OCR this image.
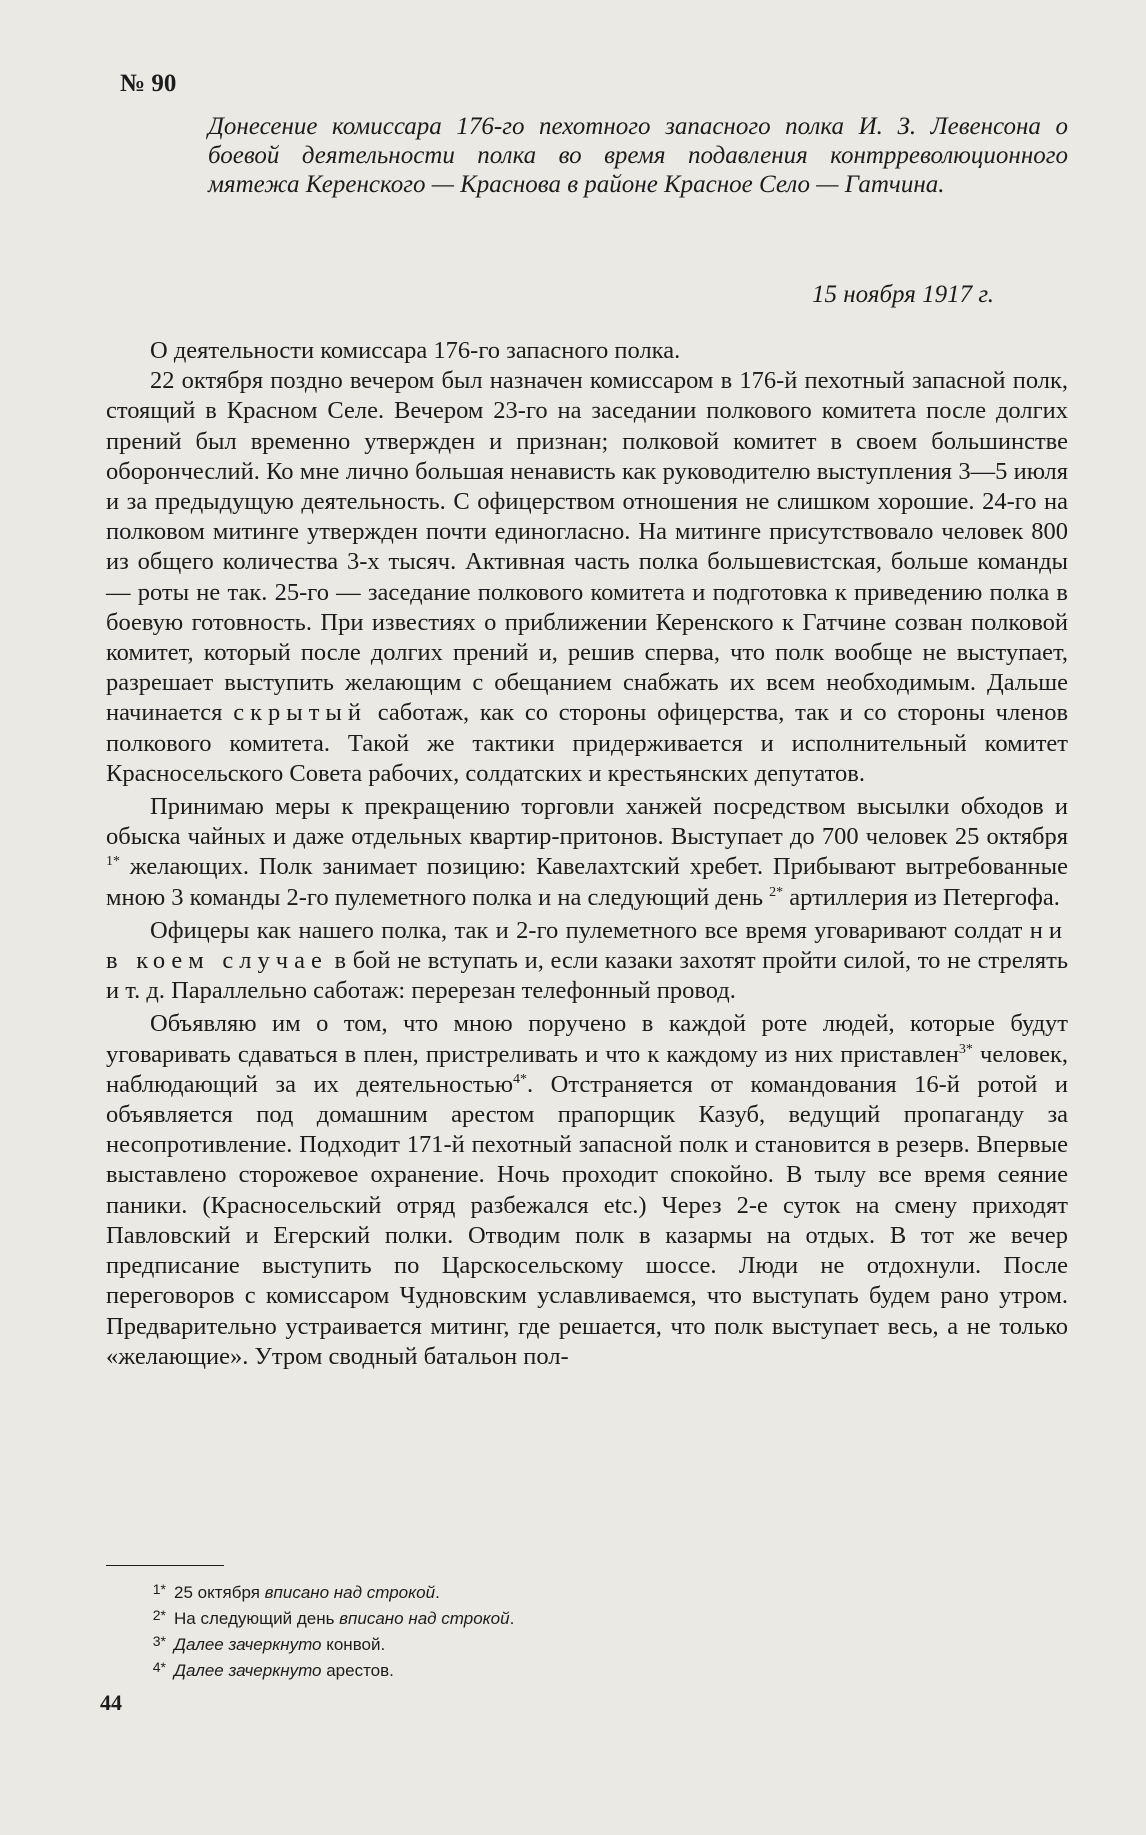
№ 90
Донесение комиссара 176-го пехотного запасного полка И. З. Левенсона о боевой деятельности полка во время подавления контрреволюционного мятежа Керенского — Краснова в районе Красное Село — Гатчина.
15 ноября 1917 г.

О деятельности комиссара 176-го запасного полка.

22 октября поздно вечером был назначен комиссаром в 176-й пехотный запасной полк, стоящий в Красном Селе. Вечером 23-го на заседании полкового комитета после долгих прений был временно утвержден и признан; полковой комитет в своем большинстве оборончеслий. Ко мне лично большая ненависть как руководителю выступления 3—5 июля и за предыдущую деятельность. С офицерством отношения не слишком хорошие. 24-го на полковом митинге утвержден почти единогласно. На митинге присутствовало человек 800 из общего количества 3-х тысяч. Активная часть полка большевистская, больше команды — роты не так. 25-го — заседание полкового комитета и подготовка к приведению полка в боевую готовность. При известиях о приближении Керенского к Гатчине созван полковой комитет, который после долгих прений и, решив сперва, что полк вообще не выступает, разрешает выступить желающим с обещанием снабжать их всем необходимым. Дальше начинается скрытый саботаж, как со стороны офицерства, так и со стороны членов полкового комитета. Такой же тактики придерживается и исполнительный комитет Красносельского Совета рабочих, солдатских и крестьянских депутатов.

Принимаю меры к прекращению торговли ханжей посредством высылки обходов и обыска чайных и даже отдельных квартир-притонов. Выступает до 700 человек 25 октября $^{1*}$ желающих. Полк занимает позицию: Кавелахтский хребет. Прибывают вытребованные мною 3 команды 2-го пулеметного полка и на следующий день $^{2*}$ артиллерия из Петергофа.

Офицеры как нашего полка, так и 2-го пулеметного все время уговаривают солдат ни в коем случае в бой не вступать и, если казаки захотят пройти силой, то не стрелять и т. д. Параллельно саботаж: перерезан телефонный провод.

Объявляю им о том, что мною поручено в каждой роте людей, которые будут уговаривать сдаваться в плен, пристреливать и что к каждому из них приставлен$^{3*}$ человек, наблюдающий за их деятельностью$^{4*}$. Отстраняется от командования 16-й ротой и объявляется под домашним арестом прапорщик Казуб, ведущий пропаганду за несопротивление. Подходит 171-й пехотный запасной полк и становится в резерв. Впервые выставлено сторожевое охранение. Ночь проходит спокойно. В тылу все время сеяние паники. (Красносельский отряд разбежался etc.) Через 2-е суток на смену приходят Павловский и Егерский полки. Отводим полк в казармы на отдых. В тот же вечер предписание выступить по Царскосельскому шоссе. Люди не отдохнули. После переговоров с комиссаром Чудновским уславливаемся, что выступать будем рано утром. Предварительно устраивается митинг, где решается, что полк выступает весь, а не только «желающие». Утром сводный батальон пол-

1* 25 октября вписано над строкой.
2* На следующий день вписано над строкой.
3* Далее зачеркнуто конвой.
4* Далее зачеркнуто арестов.
44
